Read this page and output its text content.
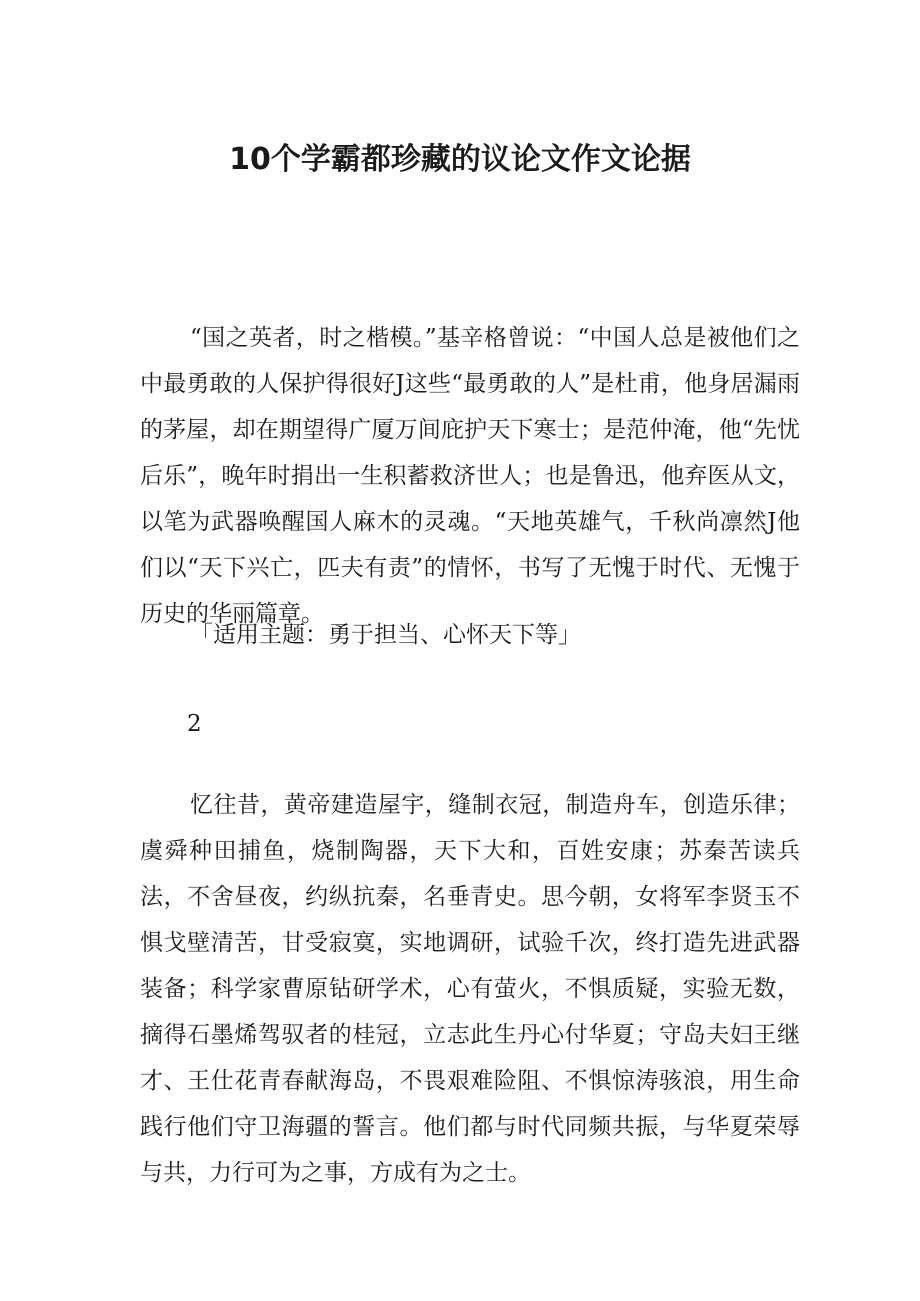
10个学霸都珍藏的议论文作文论据

“国之英者，时之楷模。”基辛格曾说：“中国人总是被他们之中最勇敢的人保护得很好J这些“最勇敢的人”是杜甫，他身居漏雨的茅屋，却在期望得广厦万间庇护天下寒士；是范仲淹，他“先忧后乐”，晚年时捐出一生积蓄救济世人；也是鲁迅，他弃医从文，以笔为武器唤醒国人麻木的灵魂。“天地英雄气，千秋尚凛然J他们以“天下兴亡，匹夫有责”的情怀，书写了无愧于时代、无愧于历史的华丽篇章。

「适用主题：勇于担当、心怀天下等」
2

忆往昔，黄帝建造屋宇，缝制衣冠，制造舟车，创造乐律；虞舜种田捕鱼，烧制陶器，天下大和，百姓安康；苏秦苦读兵法，不舍昼夜，约纵抗秦，名垂青史。思今朝，女将军李贤玉不惧戈壁清苦，甘受寂寞，实地调研，试验千次，终打造先进武器装备；科学家曹原钻研学术，心有萤火，不惧质疑，实验无数，摘得石墨烯驾驭者的桂冠，立志此生丹心付华夏；守岛夫妇王继才、王仕花青春献海岛，不畏艰难险阻、不惧惊涛骇浪，用生命践行他们守卫海疆的誓言。他们都与时代同频共振，与华夏荣辱与共，力行可为之事，方成有为之士。
